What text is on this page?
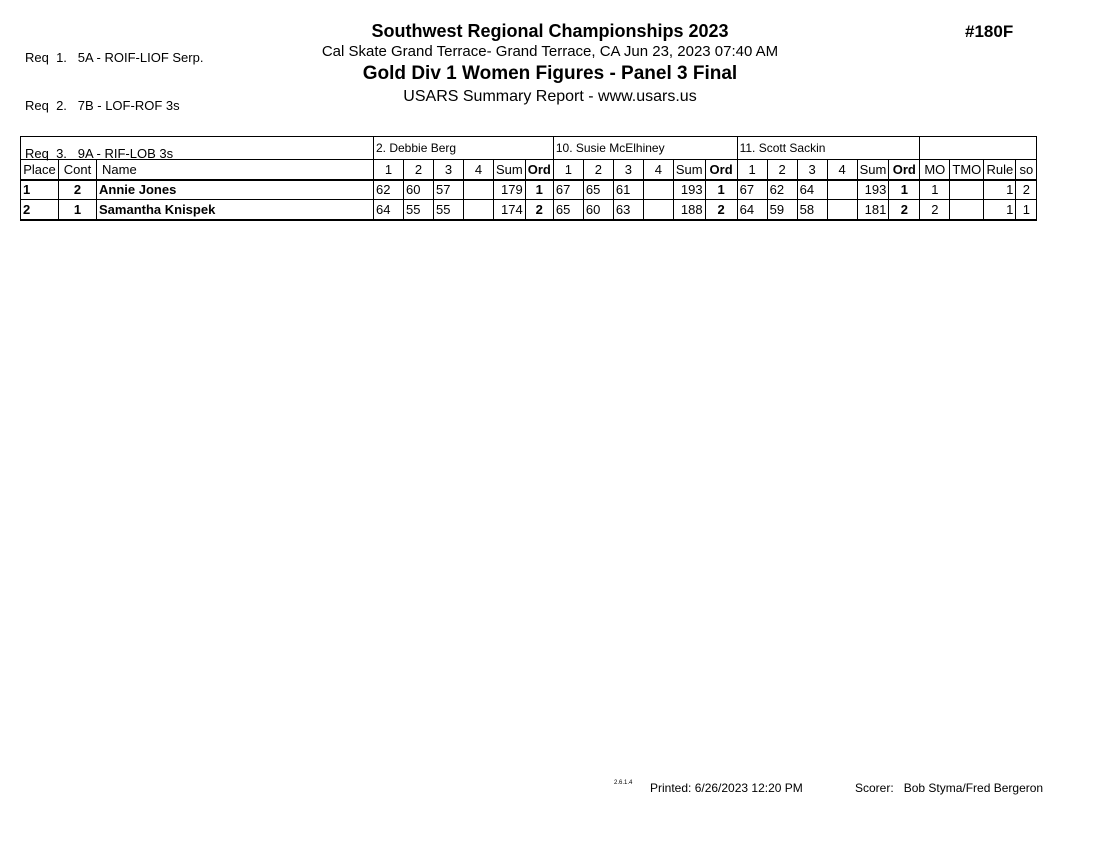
Req  1.   5A - ROIF-LIOF Serp.

Req  2.   7B - LOF-ROF 3s

Req  3.   9A - RIF-LOB 3s

Southwest Regional Championships 2023
Cal Skate Grand Terrace- Grand Terrace, CA Jun 23, 2023 07:40 AM
Gold Div 1 Women Figures - Panel 3 Final
USARS Summary Report - www.usars.us
#180F
			2. Debbie Berg						10. Susie McElhiney						11. Scott Sackin									
Place	Cont	Name	1	2	3	4	Sum	Ord	1	2	3	4	Sum	Ord	1	2	3	4	Sum	Ord	MO	TMO	Rule	so
1	2	Annie Jones	62	60	57		179	1	67	65	61		193	1	67	62	64		193	1	1		1	2
2	1	Samantha Knispek	64	55	55		174	2	65	60	63		188	2	64	59	58		181	2	2		1	1
2.6.1.4 Printed: 6/26/2023 12:20 PM	Scorer: Bob Styma/Fred Bergeron
